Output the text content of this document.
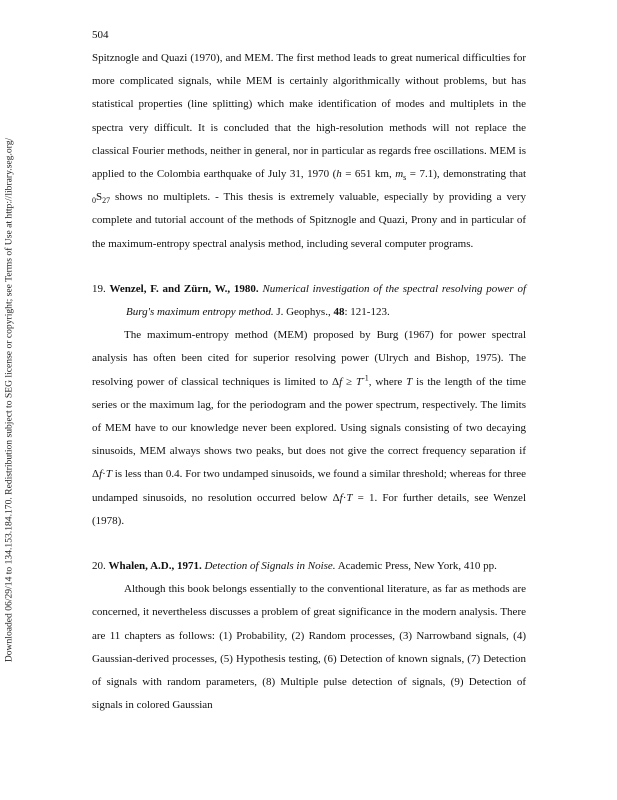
Downloaded 06/29/14 to 134.153.184.170. Redistribution subject to SEG license or copyright; see Terms of Use at http://library.seg.org/
504

Spitznogle and Quazi (1970), and MEM. The first method leads to great numerical difficulties for more complicated signals, while MEM is certainly algorithmically without problems, but has statistical properties (line splitting) which make identification of modes and multiplets in the spectra very difficult. It is concluded that the high-resolution methods will not replace the classical Fourier methods, neither in general, nor in particular as regards free oscillations. MEM is applied to the Colombia earthquake of July 31, 1970 (h = 651 km, $m_s = 7.1$), demonstrating that $_0S_{27}$ shows no multiplets. - This thesis is extremely valuable, especially by providing a very complete and tutorial account of the methods of Spitznogle and Quazi, Prony and in particular of the maximum-entropy spectral analysis method, including several computer programs.

19. Wenzel, F. and Zürn, W., 1980. Numerical investigation of the spectral resolving power of Burg's maximum entropy method. J. Geophys., 48: 121-123.

The maximum-entropy method (MEM) proposed by Burg (1967) for power spectral analysis has often been cited for superior resolving power (Ulrych and Bishop, 1975). The resolving power of classical techniques is limited to $\Delta f \ge T^{-1}$, where T is the length of the time series or the maximum lag, for the periodogram and the power spectrum, respectively. The limits of MEM have to our knowledge never been explored. Using signals consisting of two decaying sinusoids, MEM always shows two peaks, but does not give the correct frequency separation if Δf·T is less than 0.4. For two undamped sinusoids, we found a similar threshold; whereas for three undamped sinusoids, no resolution occurred below Δf·T = 1. For further details, see Wenzel (1978).

20. Whalen, A.D., 1971. Detection of Signals in Noise. Academic Press, New York, 410 pp.

Although this book belongs essentially to the conventional literature, as far as methods are concerned, it nevertheless discusses a problem of great significance in the modern analysis. There are 11 chapters as follows: (1) Probability, (2) Random processes, (3) Narrowband signals, (4) Gaussian-derived processes, (5) Hypothesis testing, (6) Detection of known signals, (7) Detection of signals with random parameters, (8) Multiple pulse detection of signals, (9) Detection of signals in colored Gaussian
